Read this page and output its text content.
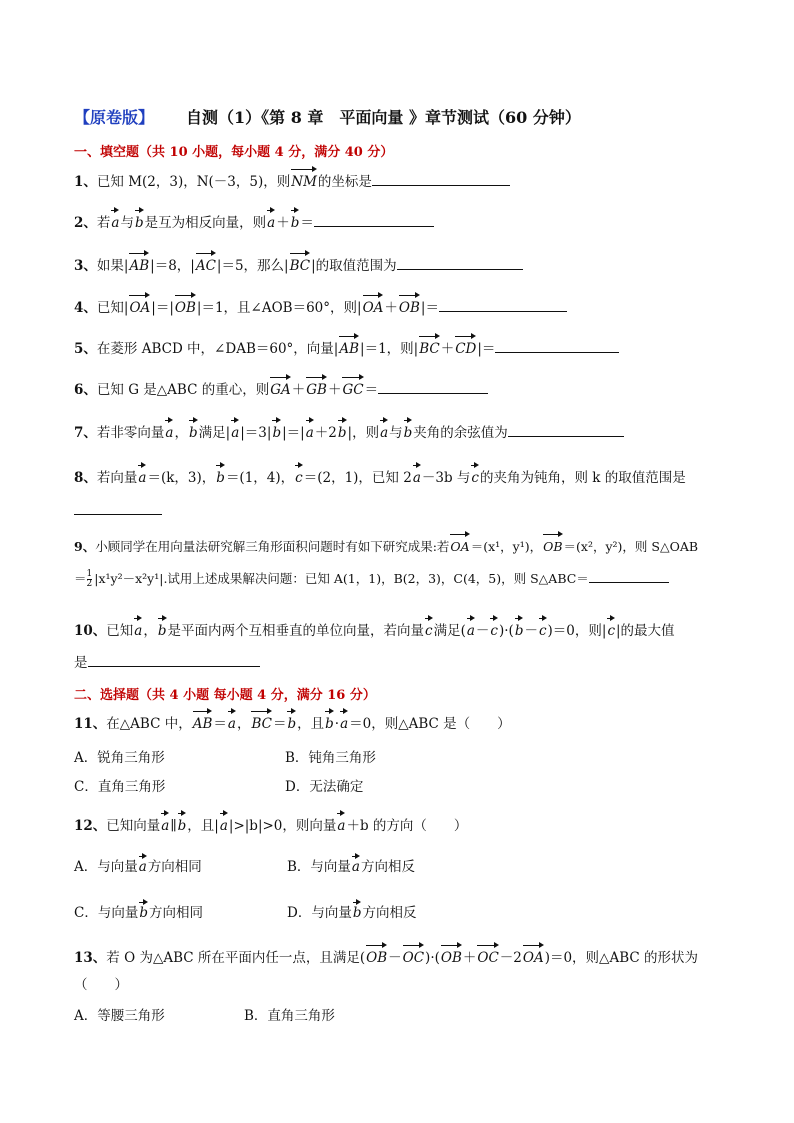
【原卷版】 自测（1）《第 8 章　平面向量 》章节测试（60 分钟）
一、填空题（共 10 小题，每小题 4 分，满分 40 分）
1、已知 M(2，3)，N(－3，5)，则NM的坐标是
2、若a与b是互为相反向量，则a＋b＝
3、如果|AB|＝8，|AC|＝5，那么|BC|的取值范围为
4、已知|OA|＝|OB|＝1，且∠AOB＝60°，则|OA＋OB|＝
5、在菱形 ABCD 中，∠DAB＝60°，向量|AB|＝1，则|BC＋CD|＝
6、已知 G 是△ABC 的重心，则GA＋GB＋GC＝
7、若非零向量a，b满足|a|＝3|b|＝|a＋2b|，则a与b夹角的余弦值为
8、若向量a＝(k，3)，b＝(1，4)，c＝(2，1)，已知 2a－3b 与c的夹角为钝角，则 k 的取值范围是
9、小顾同学在用向量法研究解三角形面积问题时有如下研究成果:若OA＝(x¹，y¹)，OB＝(x²，y²)，则 S△OAB
＝ $\frac{1}{2} |x^1y^2-x^2y^1|$.试用上述成果解决问题：已知 A(1，1)，B(2，3)，C(4，5)，则 S△ABC＝
10、已知a，b是平面内两个互相垂直的单位向量，若向量c满足(a－c)·(b－c)＝0，则|c|的最大值
是
二、选择题（共 4 小题 每小题 4 分，满分 16 分）
11、在△ABC 中，AB＝a，BC＝b，且b·a＝0，则△ABC 是（　　）
A．锐角三角形	B．钝角三角形
C．直角三角形	D．无法确定
12、已知向量a∥b，且|a|>|b|>0，则向量a＋b 的方向（　　）
A．与向量a方向相同	B．与向量a方向相反
C．与向量b方向相同	D．与向量b方向相反
13、若 O 为△ABC 所在平面内任一点，且满足(OB－OC)·(OB＋OC－2OA)＝0，则△ABC 的形状为
（　　）
A．等腰三角形	B．直角三角形
